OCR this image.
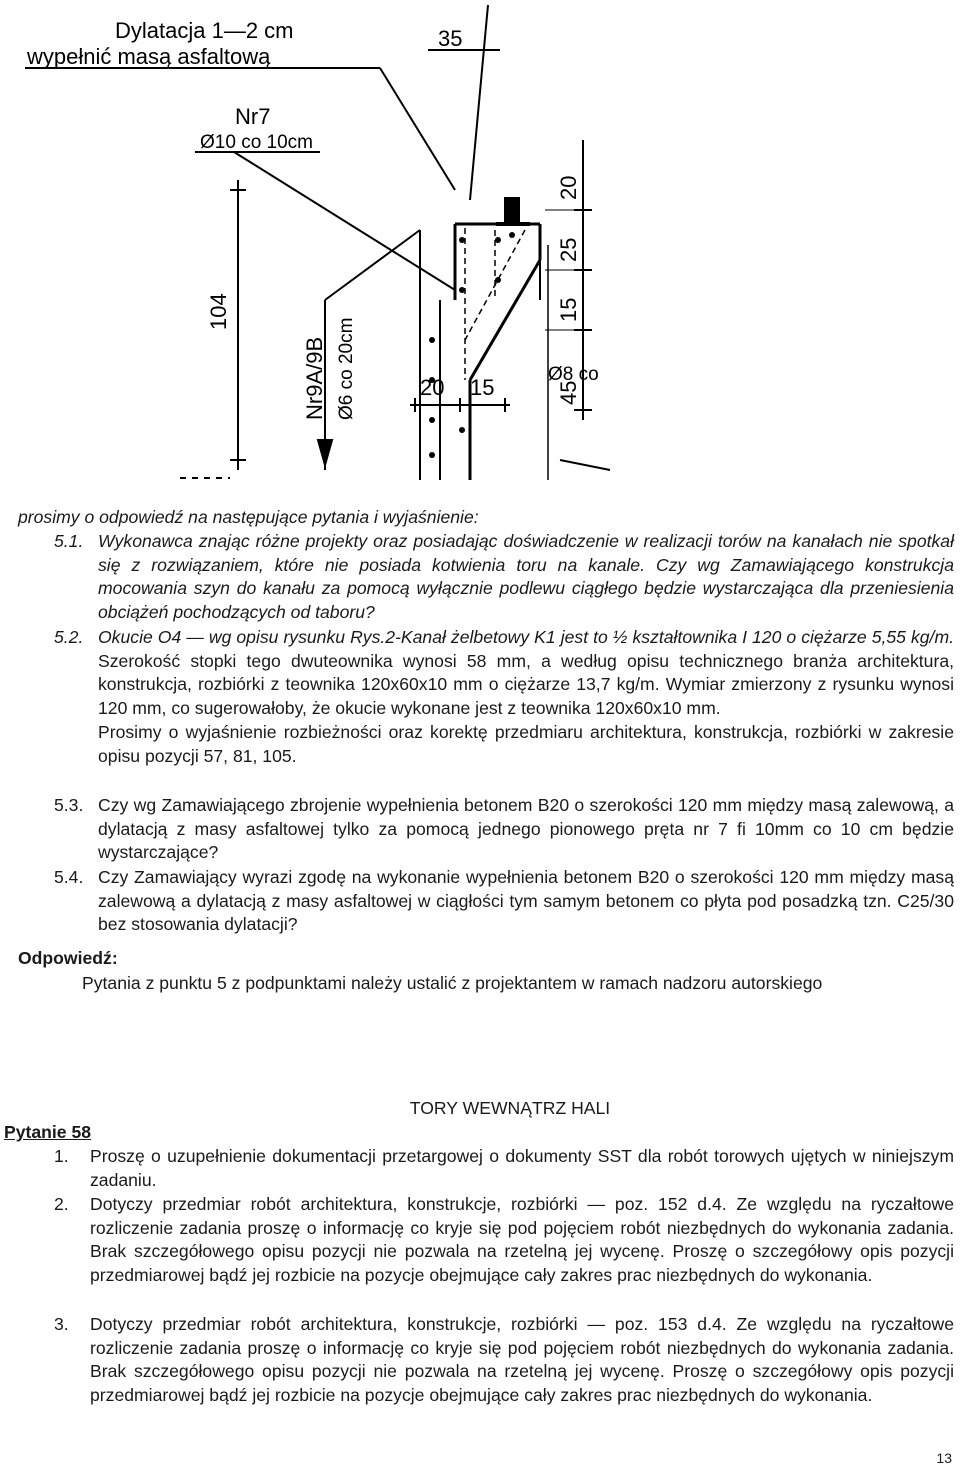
Dylatacja 1—2 cm
wypełnić masą asfaltową
35
Nr7
Ø10 co 10cm
104
Nr9A/9B Ø6 co 20cm
20
25
15
45
20 15
Ø8 co
prosimy o odpowiedź na następujące pytania i wyjaśnienie:
5.1. Wykonawca znając różne projekty oraz posiadając doświadczenie w realizacji torów na kanałach nie spotkał się z rozwiązaniem, które nie posiada kotwienia toru na kanale. Czy wg Zamawiającego konstrukcja mocowania szyn do kanału za pomocą wyłącznie podlewu ciągłego będzie wystarczająca dla przeniesienia obciążeń pochodzących od taboru?
5.2. Okucie O4 — wg opisu rysunku Rys.2-Kanał żelbetowy K1 jest to ½ kształtownika I 120 o ciężarze 5,55 kg/m. Szerokość stopki tego dwuteownika wynosi 58 mm, a według opisu technicznego branża architektura, konstrukcja, rozbiórki z teownika 120x60x10 mm o ciężarze 13,7 kg/m. Wymiar zmierzony z rysunku wynosi 120 mm, co sugerowałoby, że okucie wykonane jest z teownika 120x60x10 mm.
Prosimy o wyjaśnienie rozbieżności oraz korektę przedmiaru architektura, konstrukcja, rozbiórki w zakresie opisu pozycji 57, 81, 105.
5.3. Czy wg Zamawiającego zbrojenie wypełnienia betonem B20 o szerokości 120 mm między masą zalewową, a dylatacją z masy asfaltowej tylko za pomocą jednego pionowego pręta nr 7 fi 10mm co 10 cm będzie wystarczające?
5.4. Czy Zamawiający wyrazi zgodę na wykonanie wypełnienia betonem B20 o szerokości 120 mm między masą zalewową a dylatacją z masy asfaltowej w ciągłości tym samym betonem co płyta pod posadzką tzn. C25/30 bez stosowania dylatacji?
Odpowiedź:
Pytania z punktu 5 z podpunktami należy ustalić z projektantem w ramach nadzoru autorskiego
TORY WEWNĄTRZ HALI
Pytanie 58
1. Proszę o uzupełnienie dokumentacji przetargowej o dokumenty SST dla robót torowych ujętych w niniejszym zadaniu.
2. Dotyczy przedmiar robót architektura, konstrukcje, rozbiórki — poz. 152 d.4. Ze względu na ryczałtowe rozliczenie zadania proszę o informację co kryje się pod pojęciem robót niezbędnych do wykonania zadania. Brak szczegółowego opisu pozycji nie pozwala na rzetelną jej wycenę. Proszę o szczegółowy opis pozycji przedmiarowej bądź jej rozbicie na pozycje obejmujące cały zakres prac niezbędnych do wykonania.
3. Dotyczy przedmiar robót architektura, konstrukcje, rozbiórki — poz. 153 d.4. Ze względu na ryczałtowe rozliczenie zadania proszę o informację co kryje się pod pojęciem robót niezbędnych do wykonania zadania. Brak szczegółowego opisu pozycji nie pozwala na rzetelną jej wycenę. Proszę o szczegółowy opis pozycji przedmiarowej bądź jej rozbicie na pozycje obejmujące cały zakres prac niezbędnych do wykonania.
13
